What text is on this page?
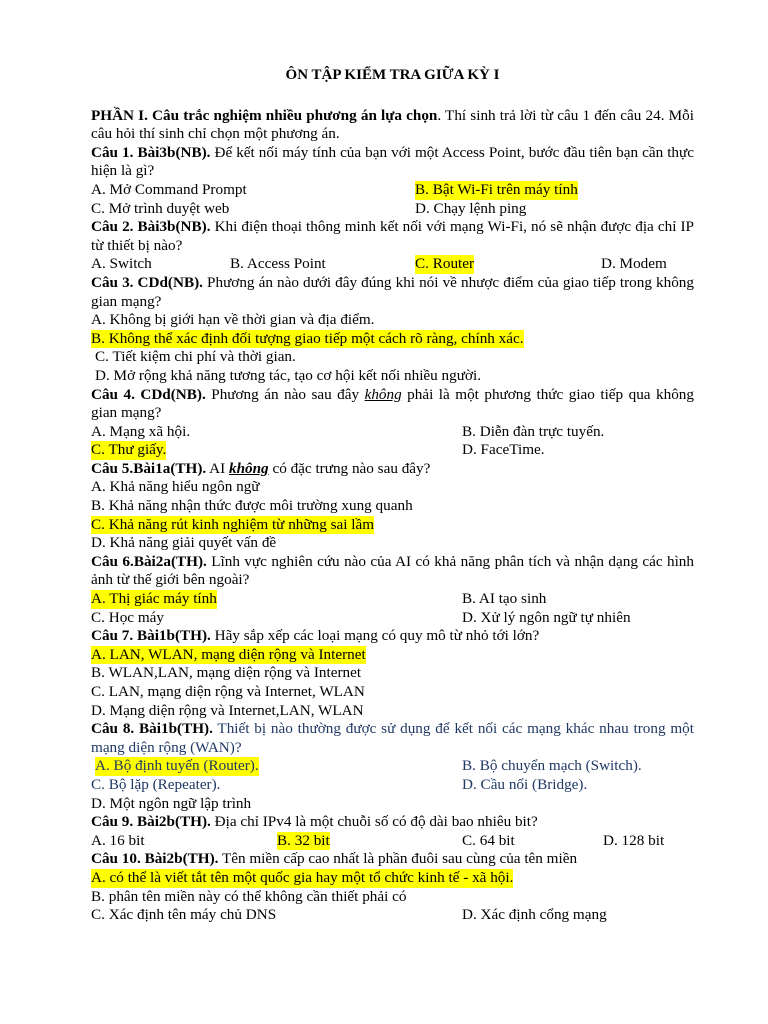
ÔN TẬP KIỂM TRA GIỮA KỲ I

PHẦN I. Câu trắc nghiệm nhiều phương án lựa chọn. Thí sinh trả lời từ câu 1 đến câu 24. Mỗi câu hỏi thí sinh chỉ chọn một phương án.

Câu 1. Bài3b(NB). Để kết nối máy tính của bạn với một Access Point, bước đầu tiên bạn cần thực hiện là gì?

A. Mở Command Prompt	B. Bật Wi-Fi trên máy tính
C. Mở trình duyệt web	D. Chạy lệnh ping

Câu 2. Bài3b(NB). Khi điện thoại thông minh kết nối với mạng Wi-Fi, nó sẽ nhận được địa chỉ IP từ thiết bị nào?

A. Switch	B. Access Point	C. Router	D. Modem

Câu 3. CDd(NB). Phương án nào dưới đây đúng khi nói về nhược điểm của giao tiếp trong không gian mạng?

A. Không bị giới hạn về thời gian và địa điểm.
B. Không thể xác định đối tượng giao tiếp một cách rõ ràng, chính xác.
C. Tiết kiệm chi phí và thời gian.
D. Mở rộng khả năng tương tác, tạo cơ hội kết nối nhiều người.

Câu 4. CDd(NB). Phương án nào sau đây không phải là một phương thức giao tiếp qua không gian mạng?

A. Mạng xã hội.	B. Diễn đàn trực tuyến.
C. Thư giấy.	D. FaceTime.

Câu 5.Bài1a(TH). AI không có đặc trưng nào sau đây?

A. Khả năng hiểu ngôn ngữ
B. Khả năng nhận thức được môi trường xung quanh
C. Khả năng rút kinh nghiệm từ những sai lầm
D. Khả năng giải quyết vấn đề

Câu 6.Bài2a(TH). Lĩnh vực nghiên cứu nào của AI có khả năng phân tích và nhận dạng các hình ảnh từ thế giới bên ngoài?

A. Thị giác máy tính	B. AI tạo sinh
C. Học máy	D. Xử lý ngôn ngữ tự nhiên

Câu 7. Bài1b(TH). Hãy sắp xếp các loại mạng có quy mô từ nhỏ tới lớn?

A. LAN, WLAN, mạng diện rộng và Internet
B. WLAN,LAN, mạng diện rộng và Internet
C. LAN, mạng diện rộng và Internet, WLAN
D. Mạng diện rộng và Internet,LAN, WLAN

Câu 8. Bài1b(TH). Thiết bị nào thường được sử dụng để kết nối các mạng khác nhau trong một mạng diện rộng (WAN)?

A. Bộ định tuyến (Router).	B. Bộ chuyển mạch (Switch).
C. Bộ lặp (Repeater).	D. Cầu nối (Bridge).
D. Một ngôn ngữ lập trình

Câu 9. Bài2b(TH). Địa chỉ IPv4 là một chuỗi số có độ dài bao nhiêu bit?

A. 16 bit	B. 32 bit	C. 64 bit	D. 128 bit

Câu 10. Bài2b(TH). Tên miền cấp cao nhất là phần đuôi sau cùng của tên miền

A. có thể là viết tắt tên một quốc gia hay một tổ chức kinh tế - xã hội.
B. phân tên miền này có thể không cần thiết phải có
C. Xác định tên máy chủ DNS	D. Xác định cổng mạng
